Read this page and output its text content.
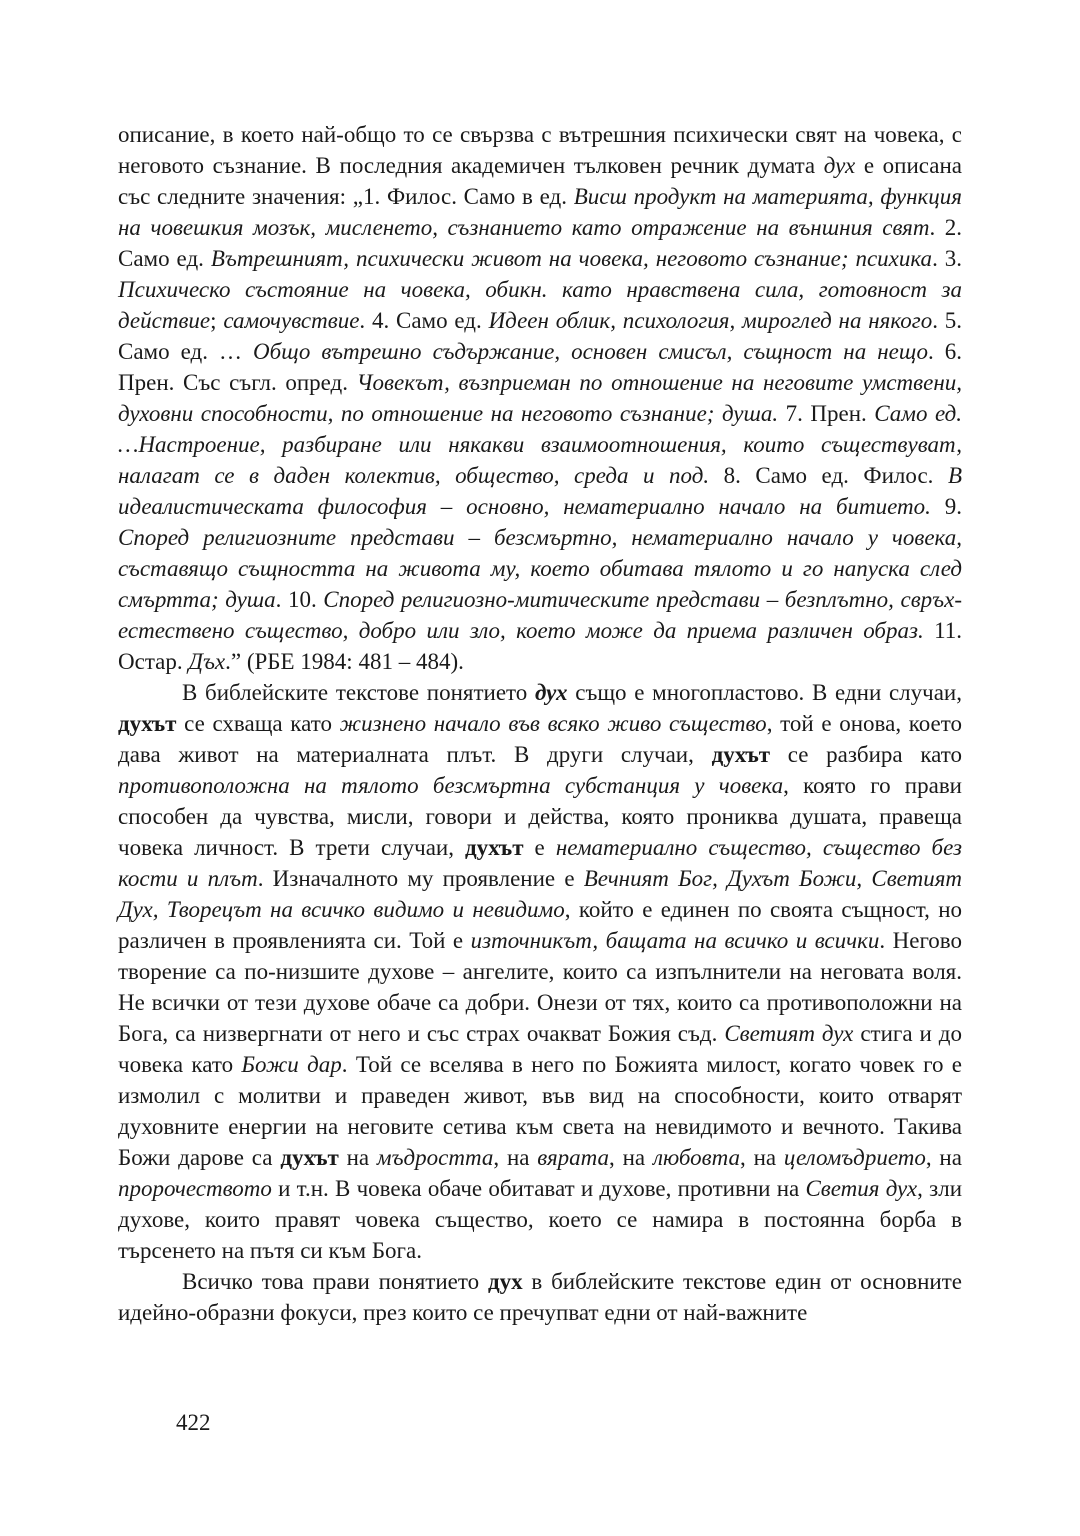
описание, в което най-общо то се свързва с вътрешния психически свят на човека, с неговото съзнание. В последния академичен тълковен речник думата дух е описана със следните значения: „1. Филос. Само в ед. Висш продукт на материята, функция на човешкия мозък, мисленето, съзнанието като отражение на външния свят. 2. Само ед. Вътрешният, психически живот на човека, неговото съзнание; психика. 3. Психическо състояние на човека, обикн. като нравствена сила, готовност за действие; самочувствие. 4. Само ед. Идеен облик, психология, мироглед на някого. 5. Само ед. … Общо вътрешно съдържание, основен смисъл, същност на нещо. 6. Прен. Със съгл. опред. Човекът, възприеман по отношение на неговите умствени, духовни способности, по отношение на неговото съзнание; душа. 7. Прен. Само ед. …Настроение, разбиране или някакви взаимоотношения, които съществуват, налагат се в даден колектив, общество, среда и под. 8. Само ед. Филос. В идеалистическата философия – основно, нематериално начало на битието. 9. Според религиозните представи – безсмъртно, нематериално начало у човека, съставящо същността на живота му, което обитава тялото и го напуска след смъртта; душа. 10. Според религиозно-митическите представи – безплътно, свръхестествено същество, добро или зло, което може да приема различен образ. 11. Остар. Дъх.” (РБЕ 1984: 481 – 484).

В библейските текстове понятието дух също е многопластово. В едни случаи, духът се схваща като жизнено начало във всяко живо същество, той е онова, което дава живот на материалната плът. В други случаи, духът се разбира като противоположна на тялото безсмъртна субстанция у човека, която го прави способен да чувства, мисли, говори и действа, която прониква душата, правеща човека личност. В трети случаи, духът е нематериално същество, същество без кости и плът. Изначалното му проявление е Вечният Бог, Духът Божи, Светият Дух, Творецът на всичко видимо и невидимо, който е единен по своята същност, но различен в проявленията си. Той е източникът, бащата на всичко и всички. Негово творение са по-низшите духове – ангелите, които са изпълнители на неговата воля. Не всички от тези духове обаче са добри. Онези от тях, които са противоположни на Бога, са низвергнати от него и със страх очакват Божия съд. Светият дух стига и до човека като Божи дар. Той се вселява в него по Божията милост, когато човек го е измолил с молитви и праведен живот, във вид на способности, които отварят духовните енергии на неговите сетива към света на невидимото и вечното. Такива Божи дарове са духът на мъдростта, на вярата, на любовта, на целомъдрието, на пророчеството и т.н. В човека обаче обитават и духове, противни на Светия дух, зли духове, които правят човека същество, което се намира в постоянна борба в търсенето на пътя си към Бога.

Всичко това прави понятието дух в библейските текстове един от основните идейно-образни фокуси, през които се пречупват едни от най-важните

422
